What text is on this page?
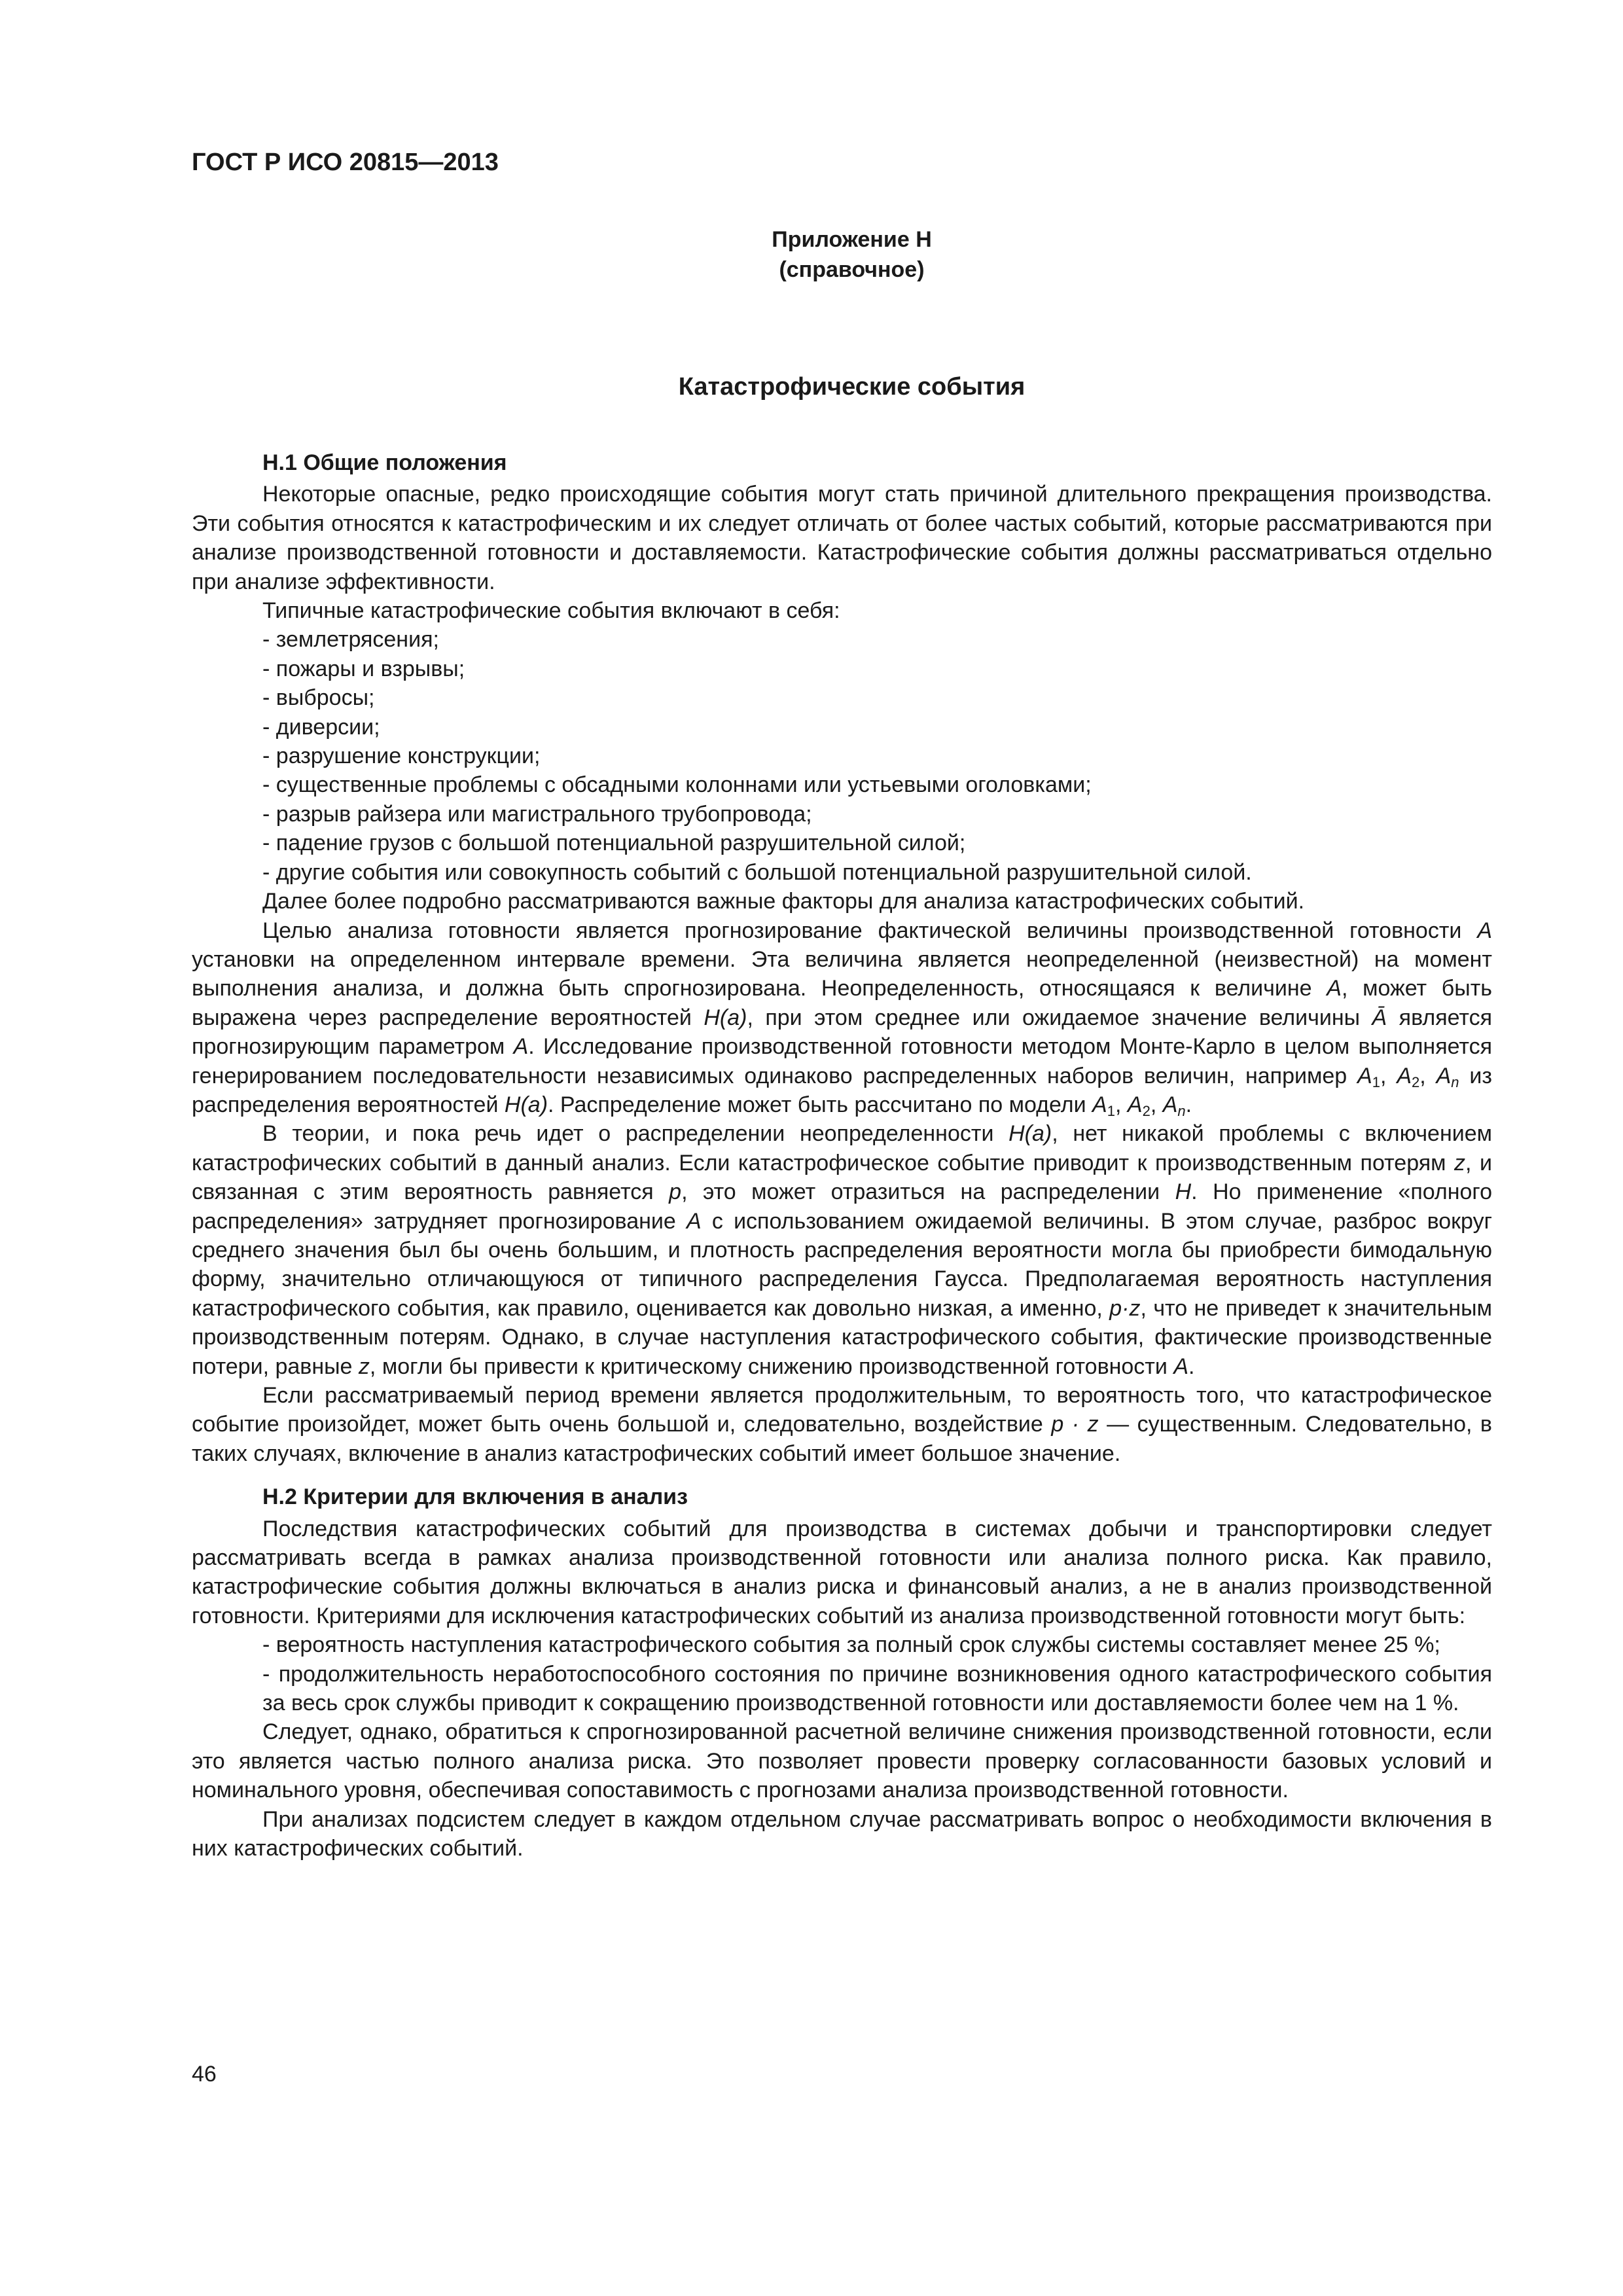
ГОСТ Р ИСО 20815—2013
Приложение Н
(справочное)
Катастрофические события
Н.1 Общие положения

Некоторые опасные, редко происходящие события могут стать причиной длительного прекращения производства. Эти события относятся к катастрофическим и их следует отличать от более частых событий, которые рассматриваются при анализе производственной готовности и доставляемости. Катастрофические события должны рассматриваться отдельно при анализе эффективности.

Типичные катастрофические события включают в себя:

- землетрясения;
- пожары и взрывы;
- выбросы;
- диверсии;
- разрушение конструкции;
- существенные проблемы с обсадными колоннами или устьевыми оголовками;
- разрыв райзера или магистрального трубопровода;
- падение грузов с большой потенциальной разрушительной силой;
- другие события или совокупность событий с большой потенциальной разрушительной силой.

Далее более подробно рассматриваются важные факторы для анализа катастрофических событий.

Целью анализа готовности является прогнозирование фактической величины производственной готовности A установки на определенном интервале времени. Эта величина является неопределенной (неизвестной) на момент выполнения анализа, и должна быть спрогнозирована. Неопределенность, относящаяся к величине A, может быть выражена через распределение вероятностей H(a), при этом среднее или ожидаемое значение величины Ā является прогнозирующим параметром A. Исследование производственной готовности методом Монте-Карло в целом выполняется генерированием последовательности независимых одинаково распределенных наборов величин, например $A_1$, $A_2$, $A_n$ из распределения вероятностей H(a). Распределение может быть рассчитано по модели $A_1$, $A_2$, $A_n$.

В теории, и пока речь идет о распределении неопределенности H(a), нет никакой проблемы с включением катастрофических событий в данный анализ. Если катастрофическое событие приводит к производственным потерям z, и связанная с этим вероятность равняется p, это может отразиться на распределении H. Но применение «полного распределения» затрудняет прогнозирование A с использованием ожидаемой величины. В этом случае, разброс вокруг среднего значения был бы очень большим, и плотность распределения вероятности могла бы приобрести бимодальную форму, значительно отличающуюся от типичного распределения Гаусса. Предполагаемая вероятность наступления катастрофического события, как правило, оценивается как довольно низкая, а именно, p·z, что не приведет к значительным производственным потерям. Однако, в случае наступления катастрофического события, фактические производственные потери, равные z, могли бы привести к критическому снижению производственной готовности A.

Если рассматриваемый период времени является продолжительным, то вероятность того, что катастрофическое событие произойдет, может быть очень большой и, следовательно, воздействие p · z — существенным. Следовательно, в таких случаях, включение в анализ катастрофических событий имеет большое значение.

Н.2 Критерии для включения в анализ

Последствия катастрофических событий для производства в системах добычи и транспортировки следует рассматривать всегда в рамках анализа производственной готовности или анализа полного риска. Как правило, катастрофические события должны включаться в анализ риска и финансовый анализ, а не в анализ производственной готовности. Критериями для исключения катастрофических событий из анализа производственной готовности могут быть:

- вероятность наступления катастрофического события за полный срок службы системы составляет менее 25 %;
- продолжительность неработоспособного состояния по причине возникновения одного катастрофического события за весь срок службы приводит к сокращению производственной готовности или доставляемости более чем на 1 %.

Следует, однако, обратиться к спрогнозированной расчетной величине снижения производственной готовности, если это является частью полного анализа риска. Это позволяет провести проверку согласованности базовых условий и номинального уровня, обеспечивая сопоставимость с прогнозами анализа производственной готовности.

При анализах подсистем следует в каждом отдельном случае рассматривать вопрос о необходимости включения в них катастрофических событий.

46
